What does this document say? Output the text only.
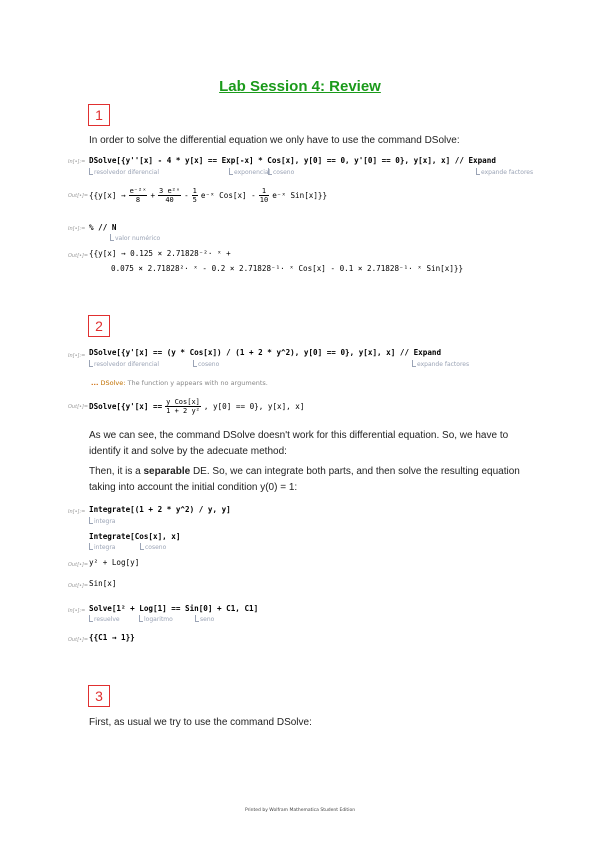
Lab Session 4: Review
1
In order to solve the differential equation we only have to use the command DSolve:
In[•]:= DSolve[{y''[x] - 4 * y[x] == Exp[-x] * Cos[x], y[0] == 0, y'[0] == 0}, y[x], x] // Expand
resolvedor diferencial	exponencial coseno	expande factores
Out[•]= {{$y[x] \to \frac{\text{e⁻²ˣ}}{8} + \frac{\text{3 e²ˣ}}{40} - \frac{1}{5}$ e⁻ˣ $Cos[x] - \frac{1}{10}$ e⁻ˣ Sin[x]}}
In[•]:= % // N
valor numérico
Out[•]= {{y[x] → 0.125 × 2.71828⁻²· ˣ +
0.075 × 2.71828²· ˣ - 0.2 × 2.71828⁻¹· ˣ Cos[x] - 0.1 × 2.71828⁻¹· ˣ Sin[x]}}
2
In[•]:= DSolve[{y'[x] == (y * Cos[x]) / (1 + 2 * y^2), y[0] == 0}, y[x], x] // Expand
resolvedor diferencial	coseno	expande factores
... DSolve: The function y appears with no arguments.
Out[•]= DSolve[{y'[x] == $\frac{\text{y Cos[x]}}{\text{1 + 2 y²}}$ , y[0] == 0}, y[x], x]
As we can see, the command DSolve doesn't work for this differential equation. So, we have to
identify it and solve by the adecuate method:
Then, it is a separable DE. So, we can integrate both parts, and then solve the resulting equation
taking into account the initial condition y(0) = 1:
In[•]:= Integrate[(1 + 2 * y^2) / y, y]
integra
Integrate[Cos[x], x]
integra	coseno
Out[•]= y² + Log[y]
Out[•]= Sin[x]
In[•]:= Solve[1² + Log[1] == Sin[0] + C1, C1]
resuelve	logaritmo	seno
Out[•]= {{C1 → 1}}
3
First, as usual we try to use the command DSolve:
Printed by Wolfram Mathematica Student Edition
